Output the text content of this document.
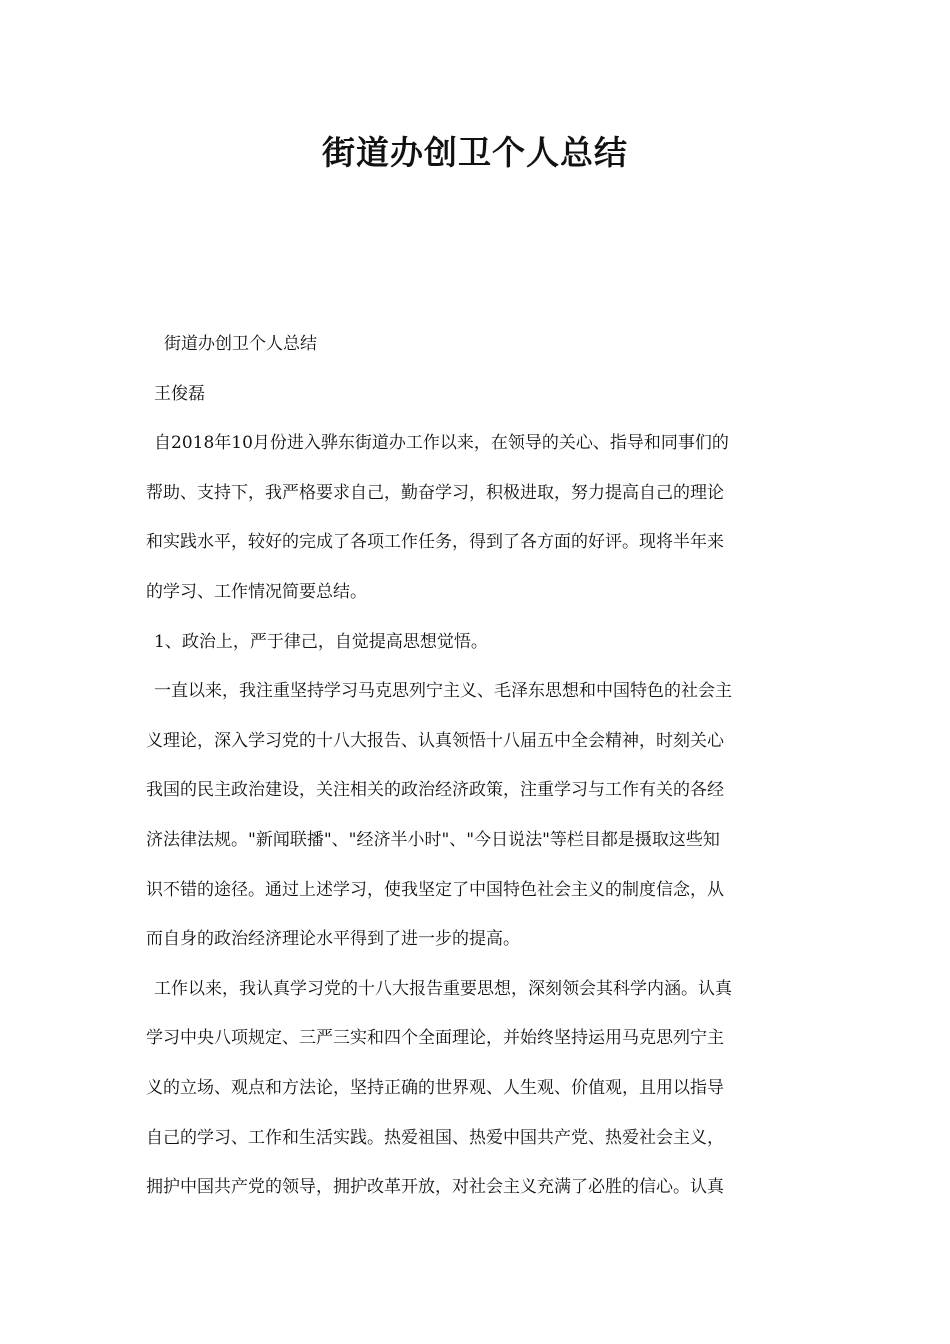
街道办创卫个人总结
街道办创卫个人总结
王俊磊
自2018年10月份进入骅东街道办工作以来，在领导的关心、指导和同事们的
帮助、支持下，我严格要求自己，勤奋学习，积极进取，努力提高自己的理论
和实践水平，较好的完成了各项工作任务，得到了各方面的好评。现将半年来
的学习、工作情况简要总结。
1、政治上，严于律己，自觉提高思想觉悟。
一直以来，我注重坚持学习马克思列宁主义、毛泽东思想和中国特色的社会主
义理论，深入学习党的十八大报告、认真领悟十八届五中全会精神，时刻关心
我国的民主政治建设，关注相关的政治经济政策，注重学习与工作有关的各经
济法律法规。"新闻联播"、"经济半小时"、"今日说法"等栏目都是摄取这些知
识不错的途径。通过上述学习，使我坚定了中国特色社会主义的制度信念，从
而自身的政治经济理论水平得到了进一步的提高。
工作以来，我认真学习党的十八大报告重要思想，深刻领会其科学内涵。认真
学习中央八项规定、三严三实和四个全面理论，并始终坚持运用马克思列宁主
义的立场、观点和方法论，坚持正确的世界观、人生观、价值观，且用以指导
自己的学习、工作和生活实践。热爱祖国、热爱中国共产党、热爱社会主义，
拥护中国共产党的领导，拥护改革开放，对社会主义充满了必胜的信心。认真
